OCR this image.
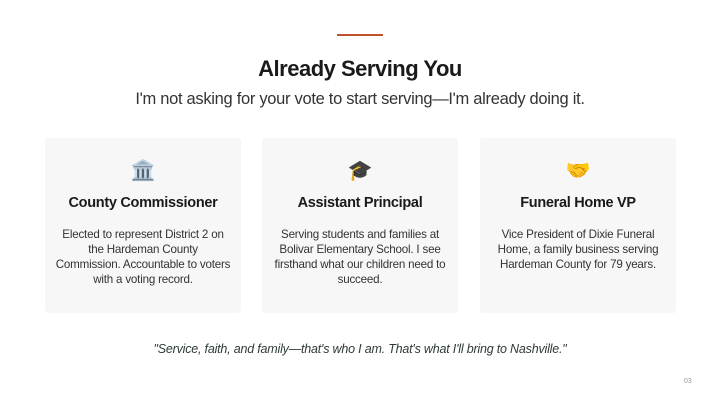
Already Serving You
I'm not asking for your vote to start serving—I'm already doing it.
🏛️
County Commissioner
Elected to represent District 2 on the Hardeman County Commission. Accountable to voters with a voting record.
🎓
Assistant Principal
Serving students and families at Bolivar Elementary School. I see firsthand what our children need to succeed.
🤝
Funeral Home VP
Vice President of Dixie Funeral Home, a family business serving Hardeman County for 79 years.
"Service, faith, and family—that's who I am. That's what I'll bring to Nashville."
03
